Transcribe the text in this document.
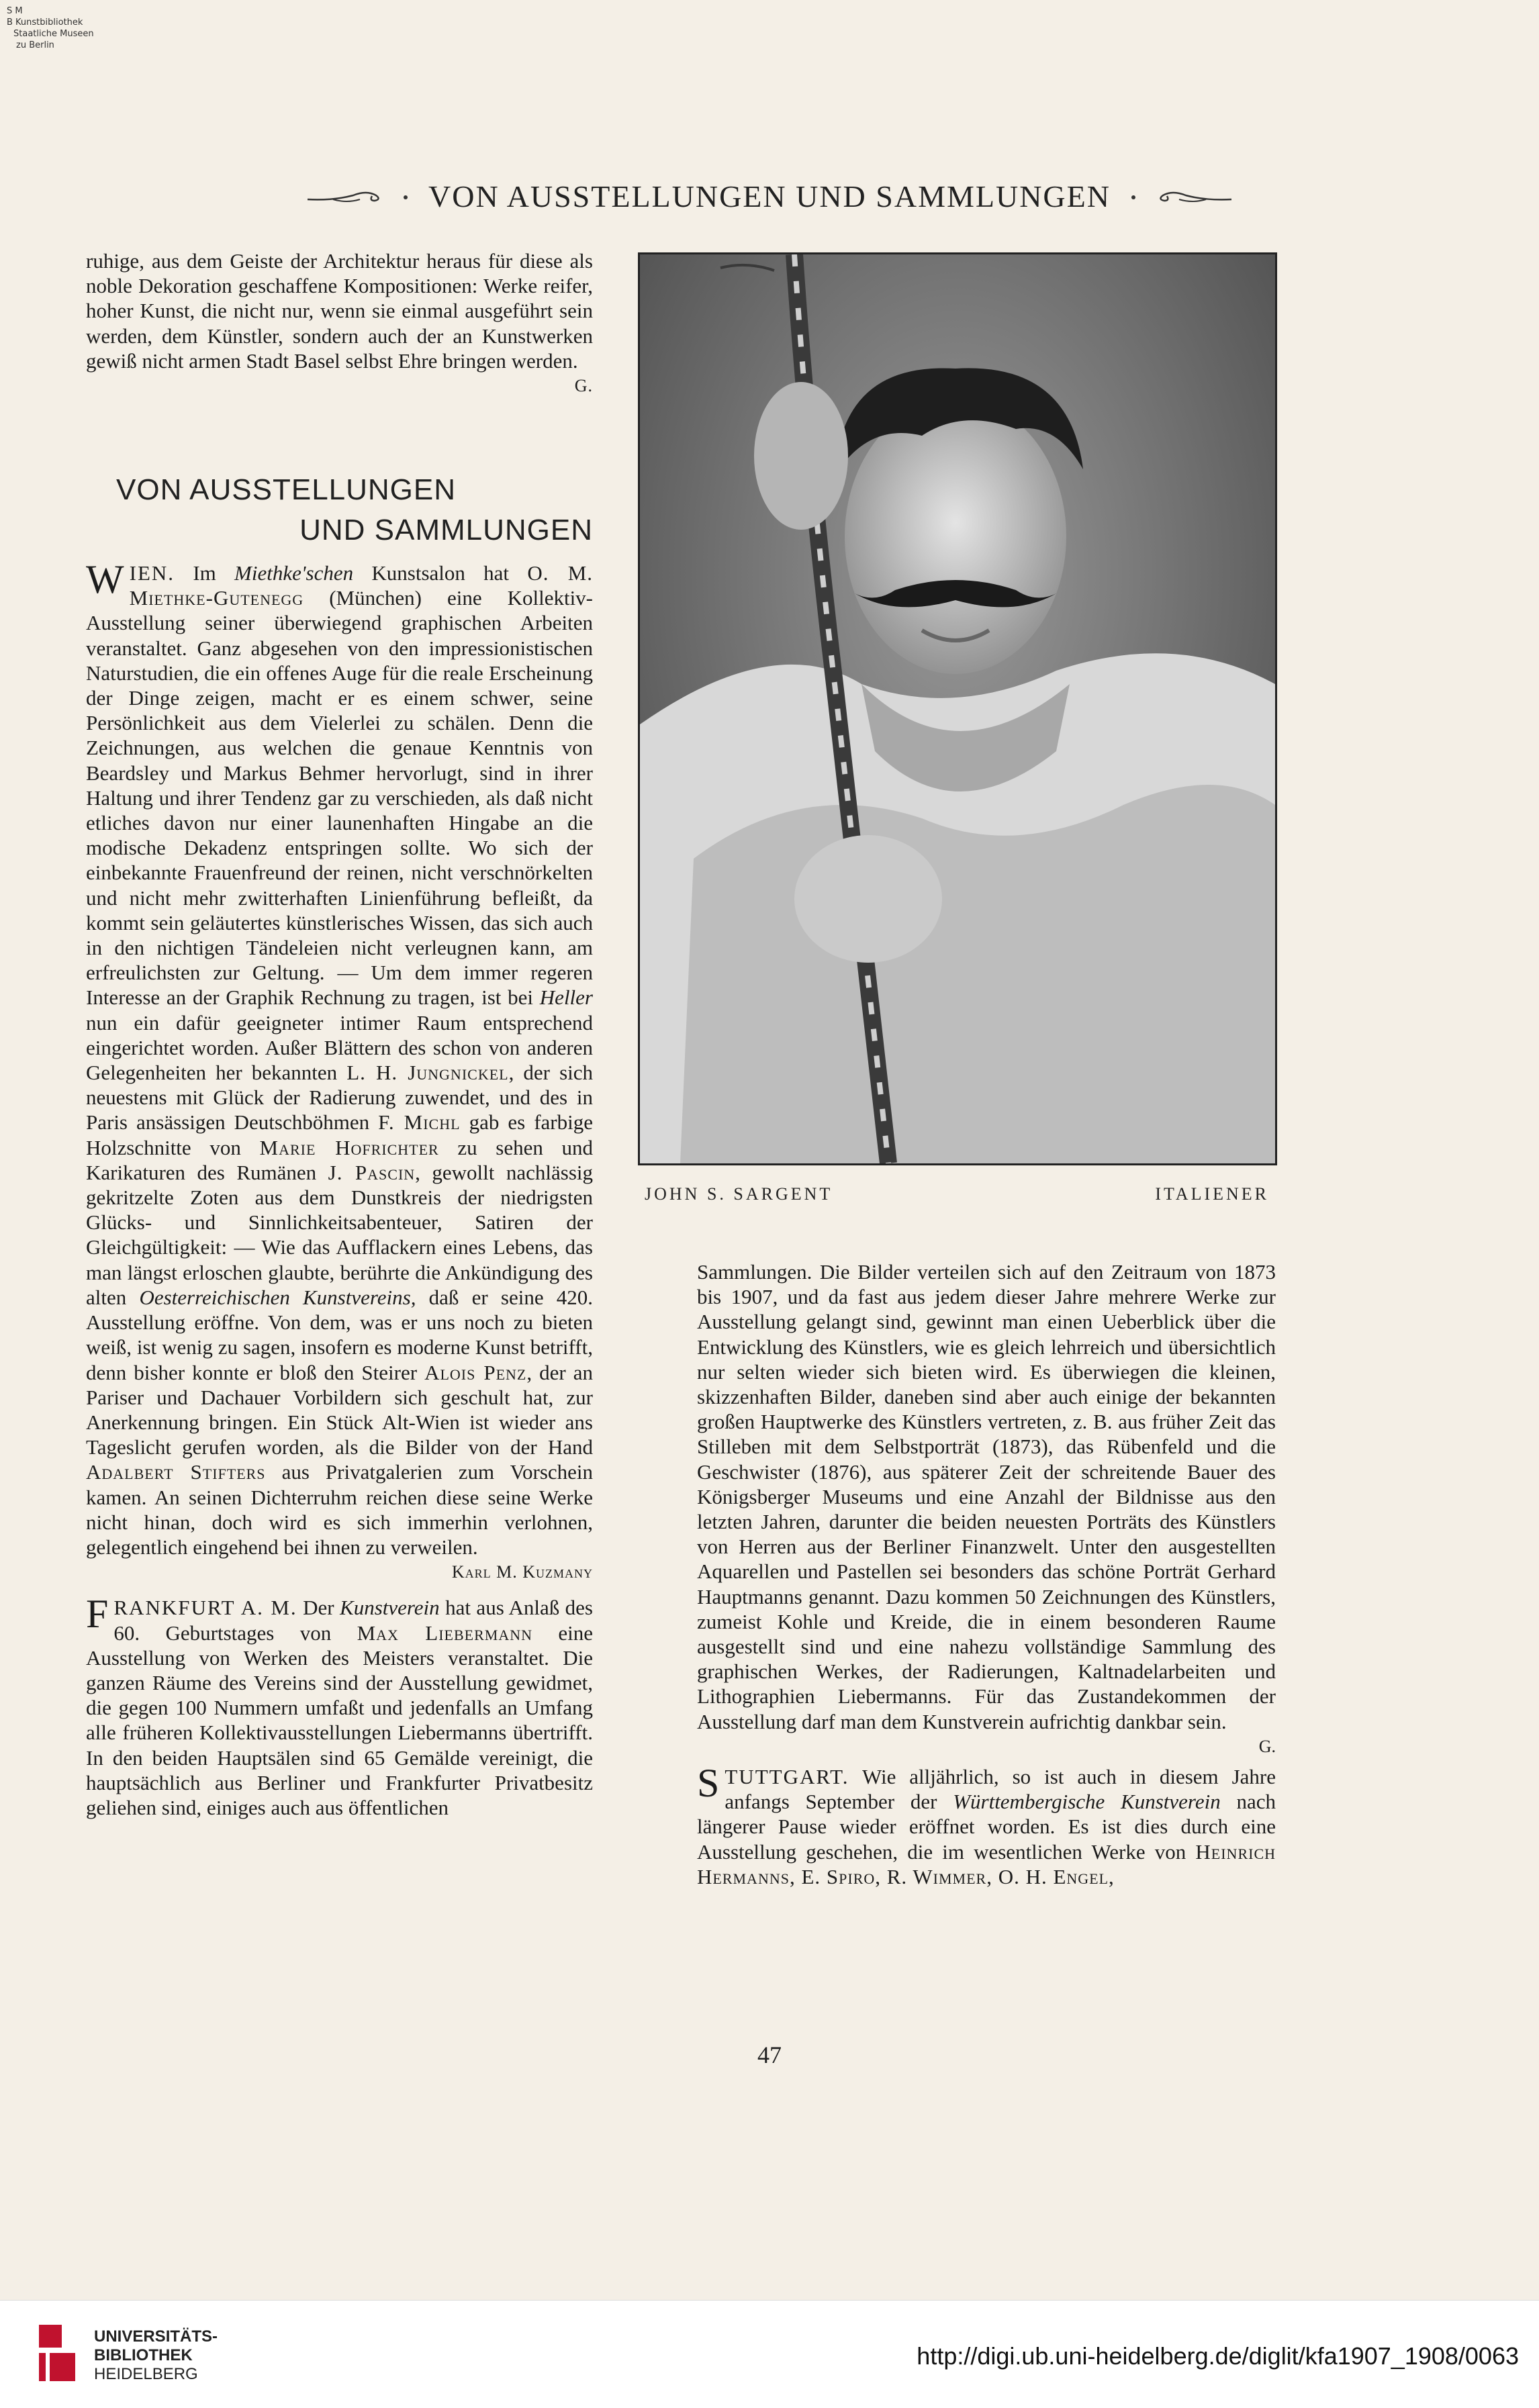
S M
B Kunstbibliothek
Staatliche Museen
zu Berlin
VON AUSSTELLUNGEN UND SAMMLUNGEN

ruhige, aus dem Geiste der Architektur heraus für diese als noble Dekoration geschaffene Kompositionen: Werke reifer, hoher Kunst, die nicht nur, wenn sie einmal ausgeführt sein werden, dem Künstler, sondern auch der an Kunstwerken gewiß nicht armen Stadt Basel selbst Ehre bringen werden.
G.

VON AUSSTELLUNGEN
UND SAMMLUNGEN

WIEN. Im Miethke'schen Kunstsalon hat O. M. Miethke-Gutenegg (München) eine Kollektiv-Ausstellung seiner überwiegend graphischen Arbeiten veranstaltet. Ganz abgesehen von den impressionistischen Naturstudien, die ein offenes Auge für die reale Erscheinung der Dinge zeigen, macht er es einem schwer, seine Persönlichkeit aus dem Vielerlei zu schälen. Denn die Zeichnungen, aus welchen die genaue Kenntnis von Beardsley und Markus Behmer hervorlugt, sind in ihrer Haltung und ihrer Tendenz gar zu verschieden, als daß nicht etliches davon nur einer launenhaften Hingabe an die modische Dekadenz entspringen sollte. Wo sich der einbekannte Frauenfreund der reinen, nicht verschnörkelten und nicht mehr zwitterhaften Linienführung befleißt, da kommt sein geläutertes künstlerisches Wissen, das sich auch in den nichtigen Tändeleien nicht verleugnen kann, am erfreulichsten zur Geltung. — Um dem immer regeren Interesse an der Graphik Rechnung zu tragen, ist bei Heller nun ein dafür geeigneter intimer Raum entsprechend eingerichtet worden. Außer Blättern des schon von anderen Gelegenheiten her bekannten L. H. Jungnickel, der sich neuestens mit Glück der Radierung zuwendet, und des in Paris ansässigen Deutschböhmen F. Michl gab es farbige Holzschnitte von Marie Hofrichter zu sehen und Karikaturen des Rumänen J. Pascin, gewollt nachlässig gekritzelte Zoten aus dem Dunstkreis der niedrigsten Glücks- und Sinnlichkeitsabenteuer, Satiren der Gleichgültigkeit: — Wie das Aufflackern eines Lebens, das man längst erloschen glaubte, berührte die Ankündigung des alten Oesterreichischen Kunstvereins, daß er seine 420. Ausstellung eröffne. Von dem, was er uns noch zu bieten weiß, ist wenig zu sagen, insofern es moderne Kunst betrifft, denn bisher konnte er bloß den Steirer Alois Penz, der an Pariser und Dachauer Vorbildern sich geschult hat, zur Anerkennung bringen. Ein Stück Alt-Wien ist wieder ans Tageslicht gerufen worden, als die Bilder von der Hand Adalbert Stifters aus Privatgalerien zum Vorschein kamen. An seinen Dichterruhm reichen diese seine Werke nicht hinan, doch wird es sich immerhin verlohnen, gelegentlich eingehend bei ihnen zu verweilen.
Karl M. Kuzmany

FRANKFURT A. M. Der Kunstverein hat aus Anlaß des 60. Geburtstages von Max Liebermann eine Ausstellung von Werken des Meisters veranstaltet. Die ganzen Räume des Vereins sind der Ausstellung gewidmet, die gegen 100 Nummern umfaßt und jedenfalls an Umfang alle früheren Kollektivausstellungen Liebermanns übertrifft. In den beiden Hauptsälen sind 65 Gemälde vereinigt, die hauptsächlich aus Berliner und Frankfurter Privatbesitz geliehen sind, einiges auch aus öffentlichen

JOHN S. SARGENT	ITALIENER

Sammlungen. Die Bilder verteilen sich auf den Zeitraum von 1873 bis 1907, und da fast aus jedem dieser Jahre mehrere Werke zur Ausstellung gelangt sind, gewinnt man einen Ueberblick über die Entwicklung des Künstlers, wie es gleich lehrreich und übersichtlich nur selten wieder sich bieten wird. Es überwiegen die kleinen, skizzenhaften Bilder, daneben sind aber auch einige der bekannten großen Hauptwerke des Künstlers vertreten, z. B. aus früher Zeit das Stilleben mit dem Selbstporträt (1873), das Rübenfeld und die Geschwister (1876), aus späterer Zeit der schreitende Bauer des Königsberger Museums und eine Anzahl der Bildnisse aus den letzten Jahren, darunter die beiden neuesten Porträts des Künstlers von Herren aus der Berliner Finanzwelt. Unter den ausgestellten Aquarellen und Pastellen sei besonders das schöne Porträt Gerhard Hauptmanns genannt. Dazu kommen 50 Zeichnungen des Künstlers, zumeist Kohle und Kreide, die in einem besonderen Raume ausgestellt sind und eine nahezu vollständige Sammlung des graphischen Werkes, der Radierungen, Kaltnadelarbeiten und Lithographien Liebermanns. Für das Zustandekommen der Ausstellung darf man dem Kunstverein aufrichtig dankbar sein.

G.

STUTTGART. Wie alljährlich, so ist auch in diesem Jahre anfangs September der Württembergische Kunstverein nach längerer Pause wieder eröffnet worden. Es ist dies durch eine Ausstellung geschehen, die im wesentlichen Werke von Heinrich Hermanns, E. Spiro, R. Wimmer, O. H. Engel,

47
UNIVERSITÄTS-
BIBLIOTHEK
HEIDELBERG
http://digi.ub.uni-heidelberg.de/diglit/kfa1907_1908/0063
